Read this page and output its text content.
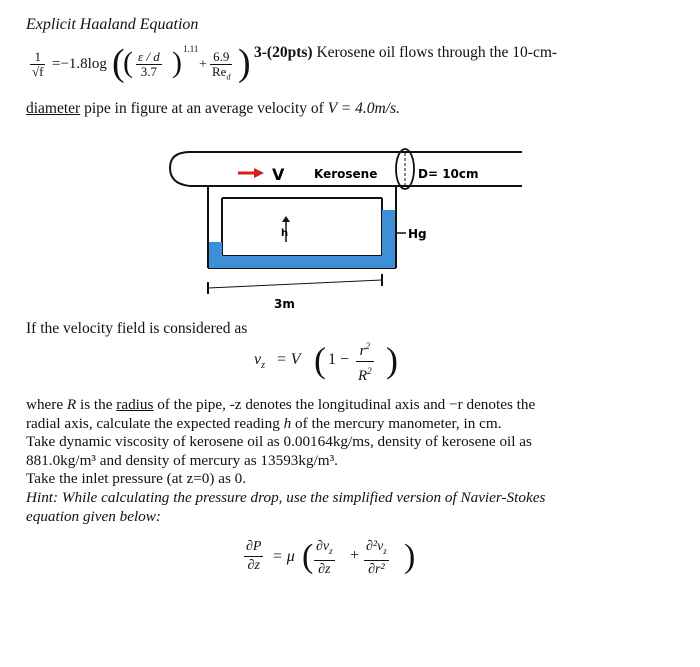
Explicit Haaland Equation
$\frac{1}{√f} =-1.8\log$ (
( $\frac{\varepsilon / d}{3.7}$ ) 1.11
+
6.9
$Re_d$ ) 3-(20pts) Kerosene oil flows through the 10-cm-
diameter pipe in figure at an average velocity of V = 4.0m/s.
V Kerosene	D= 10cm
h	Hg
3m
If the velocity field is considered as
$v_z = V$ ( $1 - \frac{r^2}{R^2}$ )
where R is the radius of the pipe, -z denotes the longitudinal axis and −r denotes the
radial axis, calculate the expected reading h of the mercury manometer, in cm.
Take dynamic viscosity of kerosene oil as 0.00164kg/ms, density of kerosene oil as
881.0kg/m³ and density of mercury as 13593kg/m³.
Take the inlet pressure (at z=0) as 0.
Hint: While calculating the pressure drop, use the simplified version of Navier-Stokes
equation given below:
$\frac{\partial P}{\partial z} = \mu$ ( $\frac{\partial v_z}{\partial z} + \frac{\partial^2v_z}{\text{∂r²}}$ )
